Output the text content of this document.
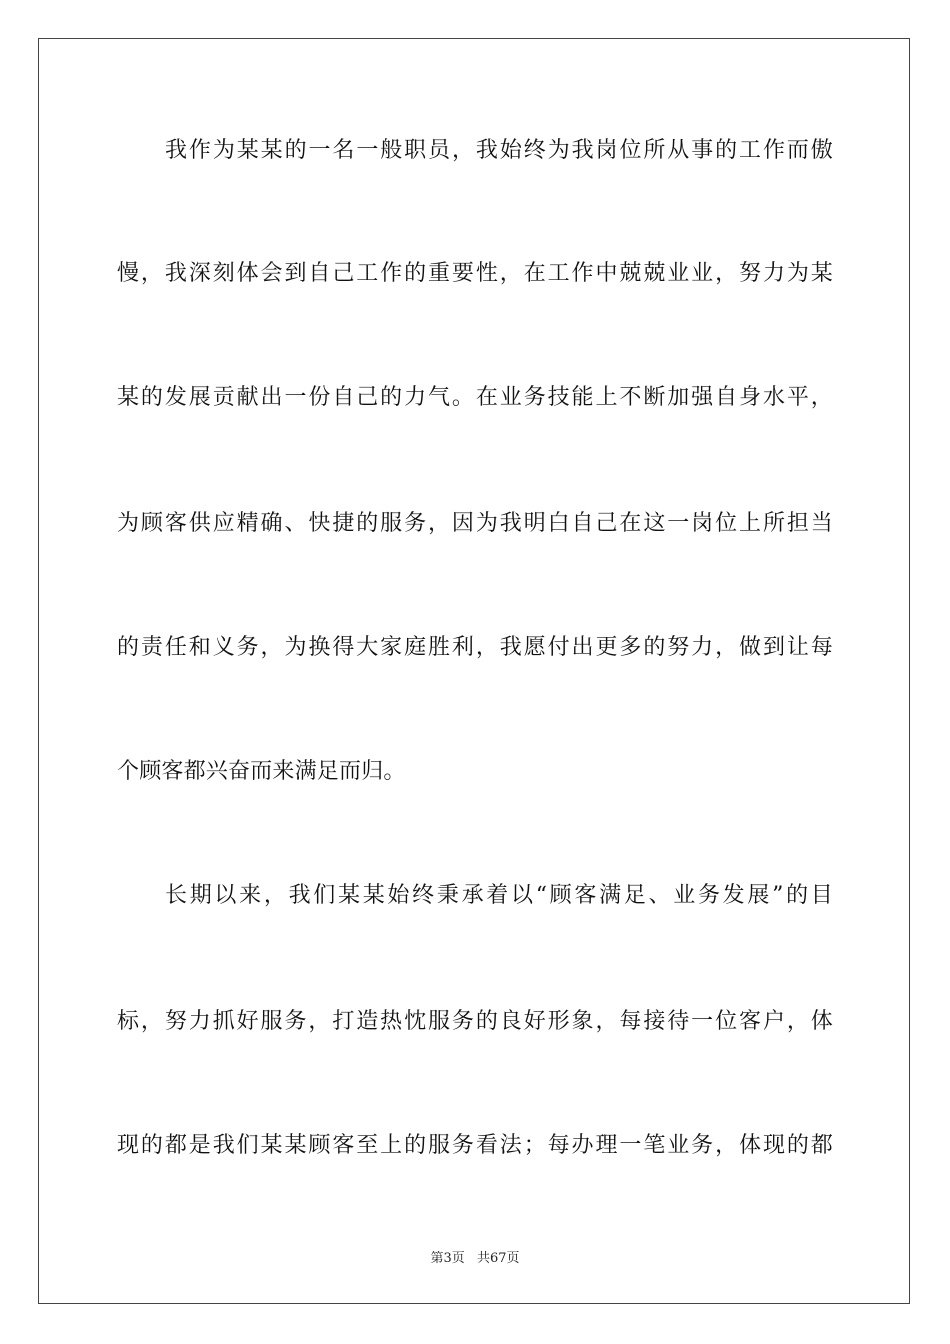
我作为某某的一名一般职员，我始终为我岗位所从事的工作而傲
慢，我深刻体会到自己工作的重要性，在工作中兢兢业业，努力为某
某的发展贡献出一份自己的力气。在业务技能上不断加强自身水平，
为顾客供应精确、快捷的服务，因为我明白自己在这一岗位上所担当
的责任和义务，为换得大家庭胜利，我愿付出更多的努力，做到让每
个顾客都兴奋而来满足而归。
长期以来，我们某某始终秉承着以“顾客满足、业务发展”的目
标，努力抓好服务，打造热忱服务的良好形象，每接待一位客户，体
现的都是我们某某顾客至上的服务看法；每办理一笔业务，体现的都
第3页 共67页
